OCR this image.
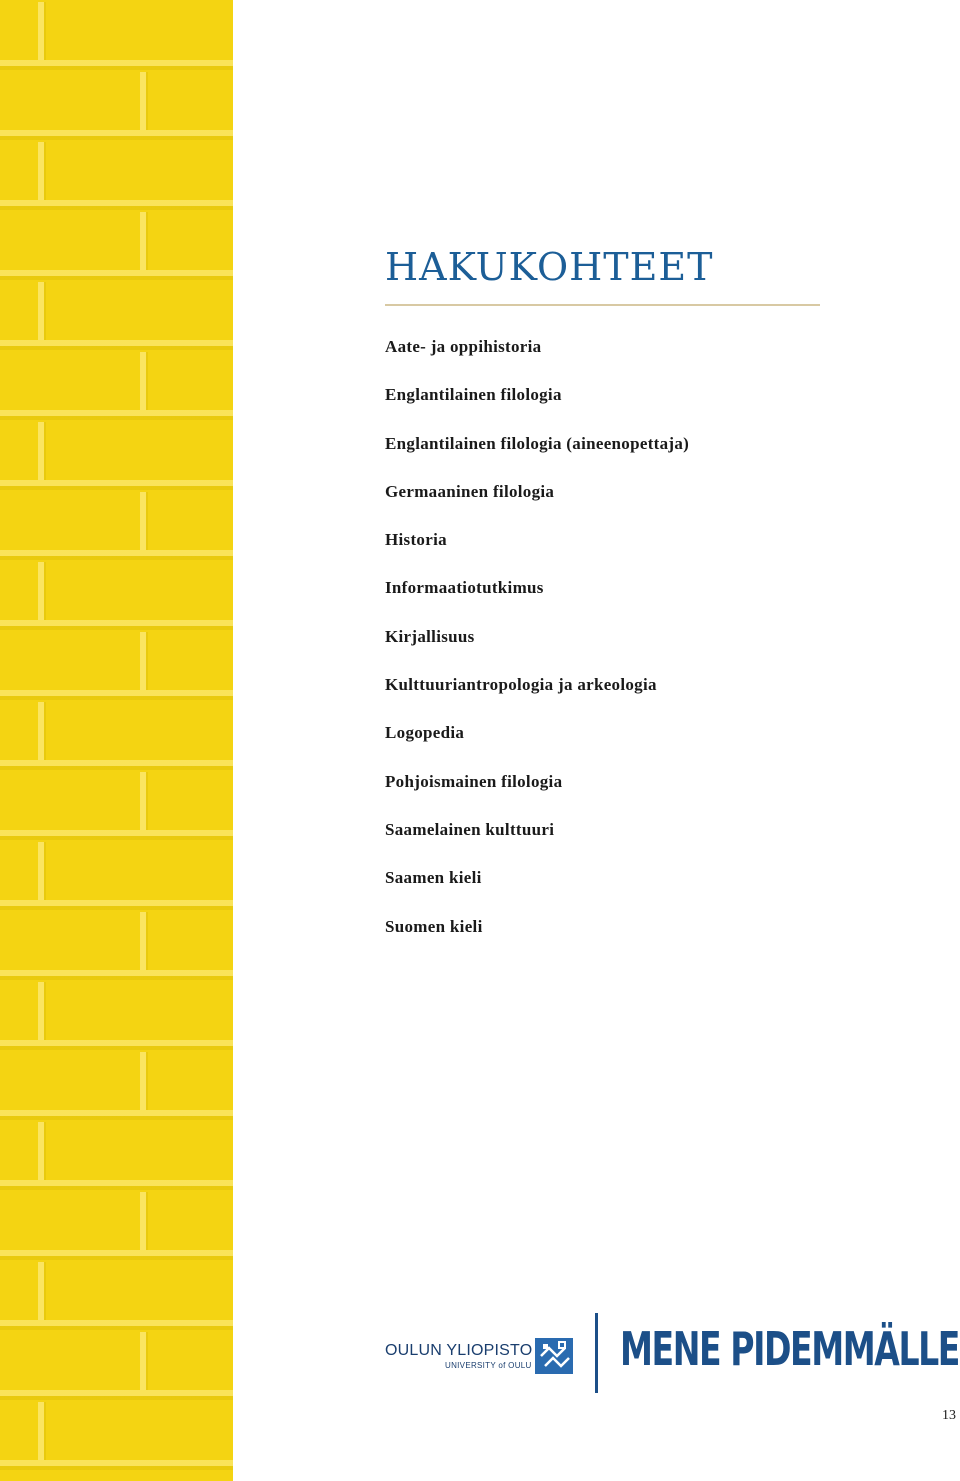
HAKUKOHTEET
Aate- ja oppihistoria
Englantilainen filologia
Englantilainen filologia (aineenopettaja)
Germaaninen filologia
Historia
Informaatiotutkimus
Kirjallisuus
Kulttuuriantropologia ja arkeologia
Logopedia
Pohjoismainen filologia
Saamelainen kulttuuri
Saamen kieli
Suomen kieli
OULUN YLIOPISTO
UNIVERSITY of OULU MENE PIDEMMÄLLE
13
